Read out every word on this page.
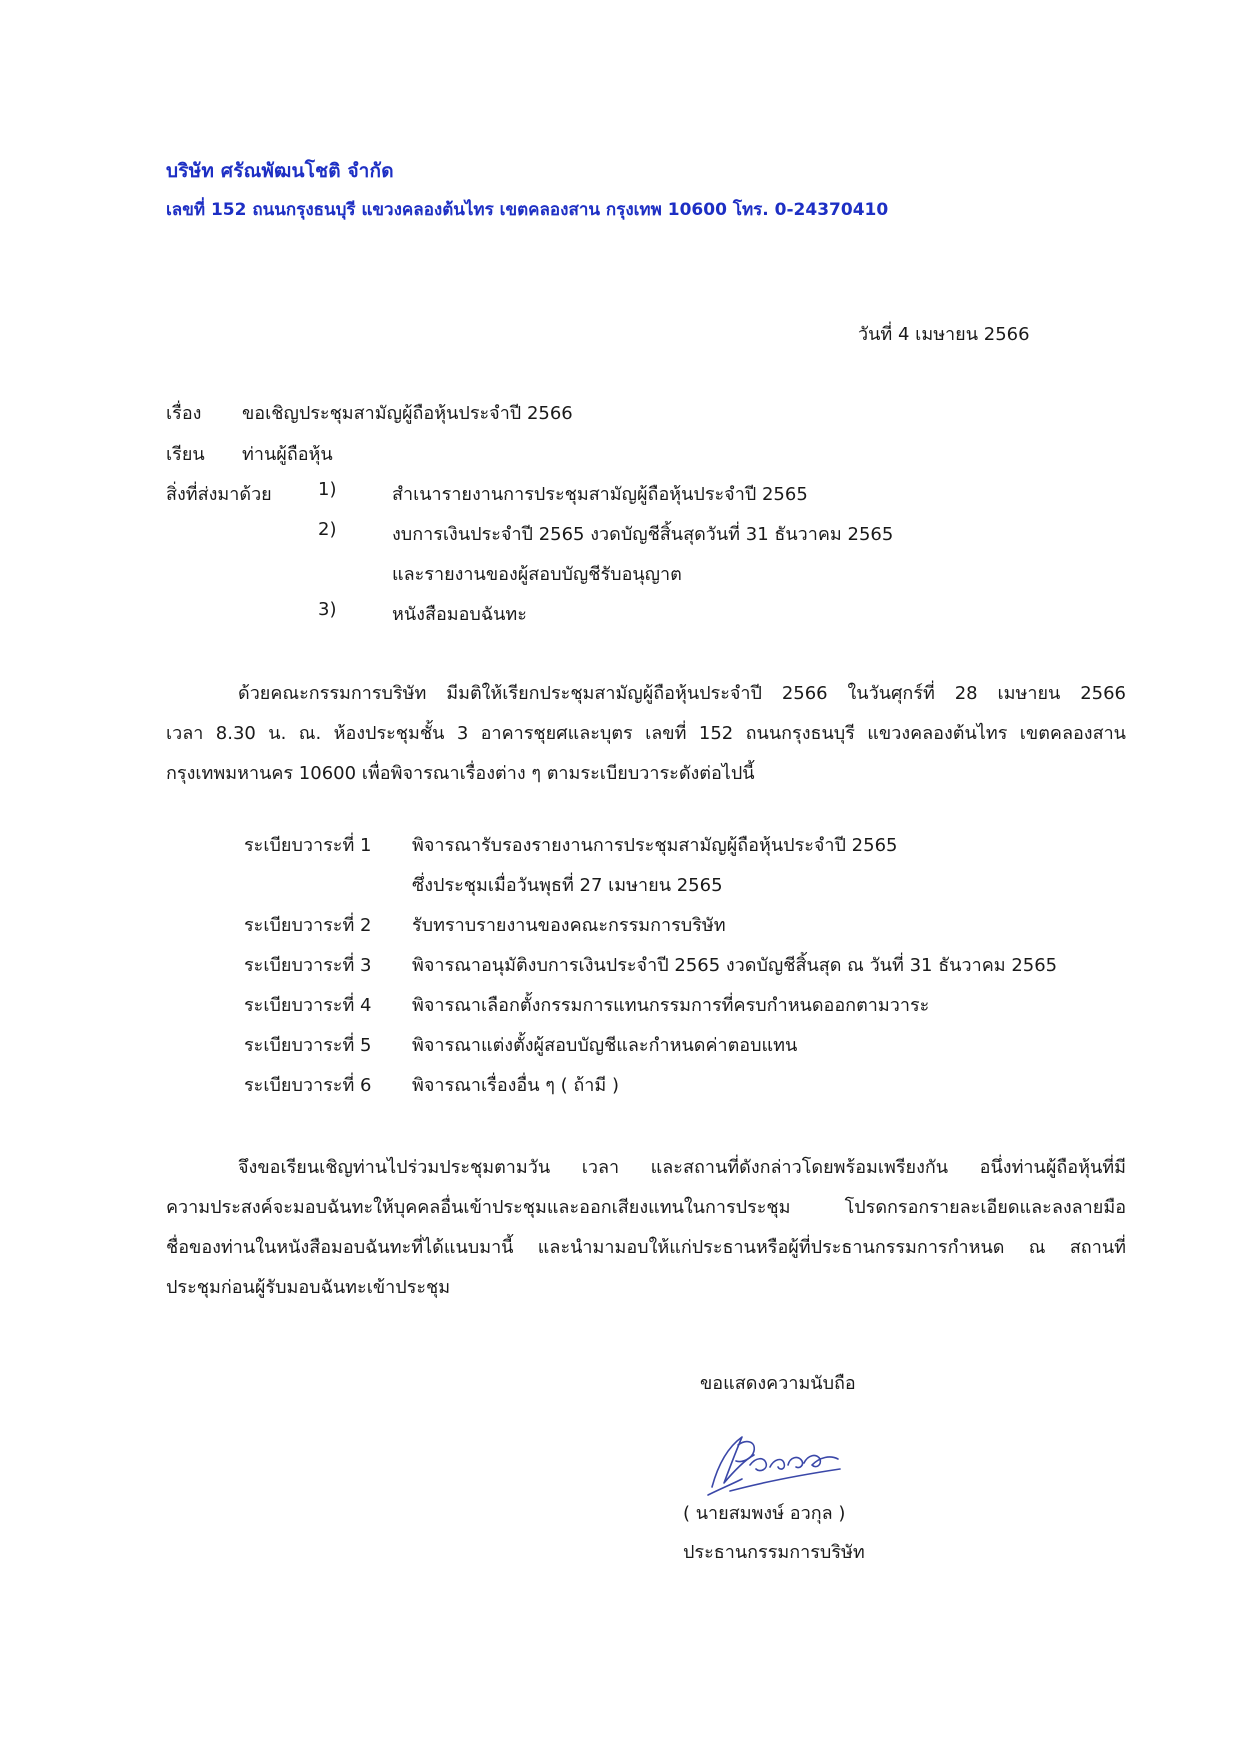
บริษัท ศรัณพัฒนโชติ จำกัด
เลขที่ 152 ถนนกรุงธนบุรี แขวงคลองต้นไทร เขตคลองสาน กรุงเทพ 10600 โทร. 0-24370410
วันที่ 4 เมษายน 2566
เรื่อง ขอเชิญประชุมสามัญผู้ถือหุ้นประจำปี 2566
เรียน ท่านผู้ถือหุ้น
สิ่งที่ส่งมาด้วย	1)	สำเนารายงานการประชุมสามัญผู้ถือหุ้นประจำปี 2565
2)	งบการเงินประจำปี 2565 งวดบัญชีสิ้นสุดวันที่ 31 ธันวาคม 2565
และรายงานของผู้สอบบัญชีรับอนุญาต
3)	หนังสือมอบฉันทะ
ด้วยคณะกรรมการบริษัท มีมติให้เรียกประชุมสามัญผู้ถือหุ้นประจำปี 2566 ในวันศุกร์ที่ 28 เมษายน 2566
เวลา 8.30 น. ณ. ห้องประชุมชั้น 3 อาคารชุยศและบุตร เลขที่ 152 ถนนกรุงธนบุรี แขวงคลองต้นไทร เขตคลองสาน
กรุงเทพมหานคร 10600 เพื่อพิจารณาเรื่องต่าง ๆ ตามระเบียบวาระดังต่อไปนี้
ระเบียบวาระที่ 1 พิจารณารับรองรายงานการประชุมสามัญผู้ถือหุ้นประจำปี 2565
ซึ่งประชุมเมื่อวันพุธที่ 27 เมษายน 2565
ระเบียบวาระที่ 2 รับทราบรายงานของคณะกรรมการบริษัท
ระเบียบวาระที่ 3 พิจารณาอนุมัติงบการเงินประจำปี 2565 งวดบัญชีสิ้นสุด ณ วันที่ 31 ธันวาคม 2565
ระเบียบวาระที่ 4 พิจารณาเลือกตั้งกรรมการแทนกรรมการที่ครบกำหนดออกตามวาระ
ระเบียบวาระที่ 5 พิจารณาแต่งตั้งผู้สอบบัญชีและกำหนดค่าตอบแทน
ระเบียบวาระที่ 6 พิจารณาเรื่องอื่น ๆ ( ถ้ามี )
จึงขอเรียนเชิญท่านไปร่วมประชุมตามวัน เวลา และสถานที่ดังกล่าวโดยพร้อมเพรียงกัน อนึ่งท่านผู้ถือหุ้นที่มี
ความประสงค์จะมอบฉันทะให้บุคคลอื่นเข้าประชุมและออกเสียงแทนในการประชุม โปรดกรอกรายละเอียดและลงลายมือ
ชื่อของท่านในหนังสือมอบฉันทะที่ได้แนบมานี้ และนำมามอบให้แก่ประธานหรือผู้ที่ประธานกรรมการกำหนด ณ สถานที่
ประชุมก่อนผู้รับมอบฉันทะเข้าประชุม
ขอแสดงความนับถือ
( นายสมพงษ์ อวกุล )
ประธานกรรมการบริษัท
